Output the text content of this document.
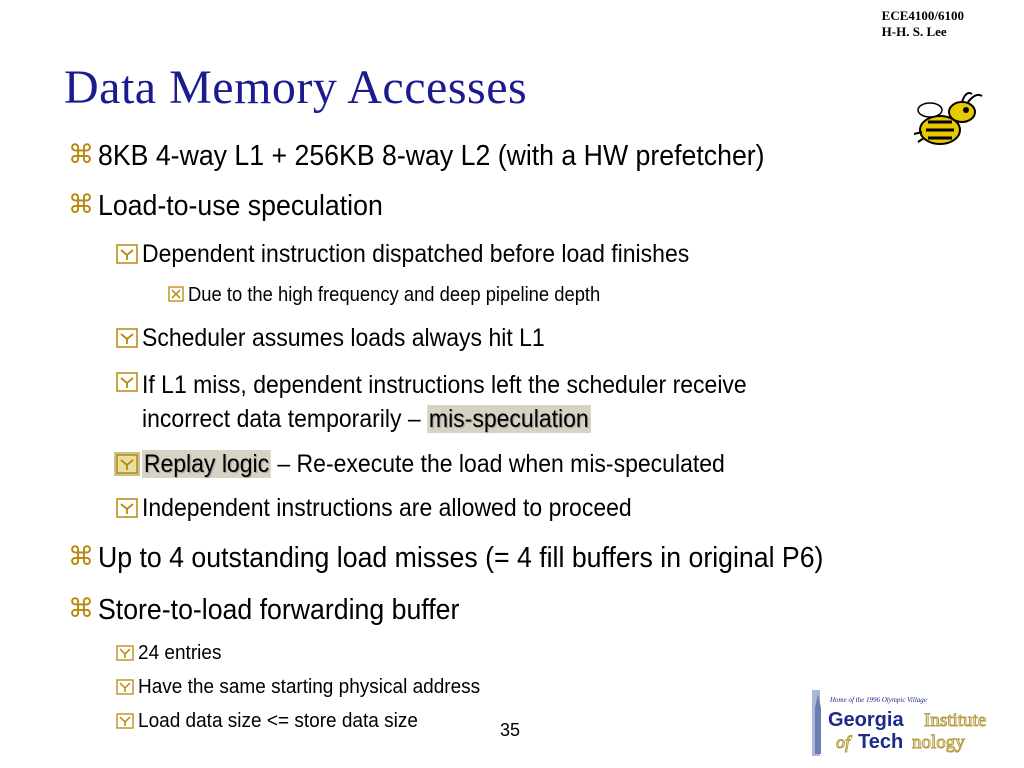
ECE4100/6100
H-H. S. Lee
Data Memory Accesses
⌘ 8KB 4-way L1 + 256KB 8-way L2 (with a HW prefetcher)
⌘ Load-to-use speculation
Dependent instruction dispatched before load finishes
Due to the high frequency and deep pipeline depth
Scheduler assumes loads always hit L1
If L1 miss, dependent instructions left the scheduler receive
incorrect data temporarily – mis-speculation
Replay logic – Re-execute the load when mis-speculated
Independent instructions are allowed to proceed
⌘ Up to 4 outstanding load misses (= 4 fill buffers in original P6)
⌘ Store-to-load forwarding buffer
24 entries
Have the same starting physical address
Load data size <= store data size	35
Home of the 1996 Olympic Village
Georgia Institute
of Tech nology
